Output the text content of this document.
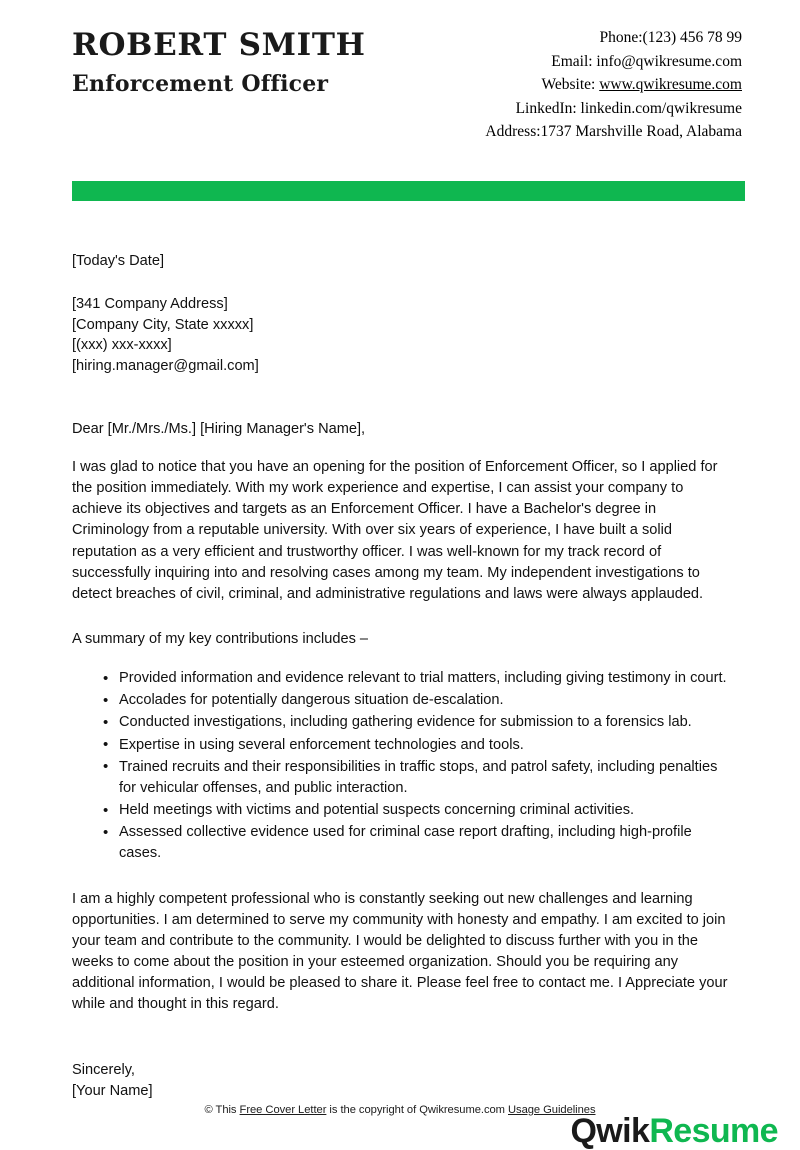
ROBERT SMITH
Enforcement Officer
Phone:(123) 456 78 99
Email: info@qwikresume.com
Website: www.qwikresume.com
LinkedIn: linkedin.com/qwikresume
Address:1737 Marshville Road, Alabama
[Today's Date]
[341 Company Address]
[Company City, State xxxxx]
[(xxx) xxx-xxxx]
[hiring.manager@gmail.com]
Dear [Mr./Mrs./Ms.] [Hiring Manager's Name],

I was glad to notice that you have an opening for the position of Enforcement Officer, so I applied for the position immediately. With my work experience and expertise, I can assist your company to achieve its objectives and targets as an Enforcement Officer. I have a Bachelor's degree in Criminology from a reputable university. With over six years of experience, I have built a solid reputation as a very efficient and trustworthy officer. I was well-known for my track record of successfully inquiring into and resolving cases among my team. My independent investigations to detect breaches of civil, criminal, and administrative regulations and laws were always applauded.

A summary of my key contributions includes –

• Provided information and evidence relevant to trial matters, including giving testimony in court.
• Accolades for potentially dangerous situation de-escalation.
• Conducted investigations, including gathering evidence for submission to a forensics lab.
• Expertise in using several enforcement technologies and tools.
• Trained recruits and their responsibilities in traffic stops, and patrol safety, including penalties for vehicular offenses, and public interaction.
• Held meetings with victims and potential suspects concerning criminal activities.
• Assessed collective evidence used for criminal case report drafting, including high-profile cases.

I am a highly competent professional who is constantly seeking out new challenges and learning opportunities. I am determined to serve my community with honesty and empathy. I am excited to join your team and contribute to the community. I would be delighted to discuss further with you in the weeks to come about the position in your esteemed organization. Should you be requiring any additional information, I would be pleased to share it. Please feel free to contact me. I Appreciate your while and thought in this regard.

Sincerely,
[Your Name]
© This Free Cover Letter is the copyright of Qwikresume.com Usage Guidelines
QwikResume
